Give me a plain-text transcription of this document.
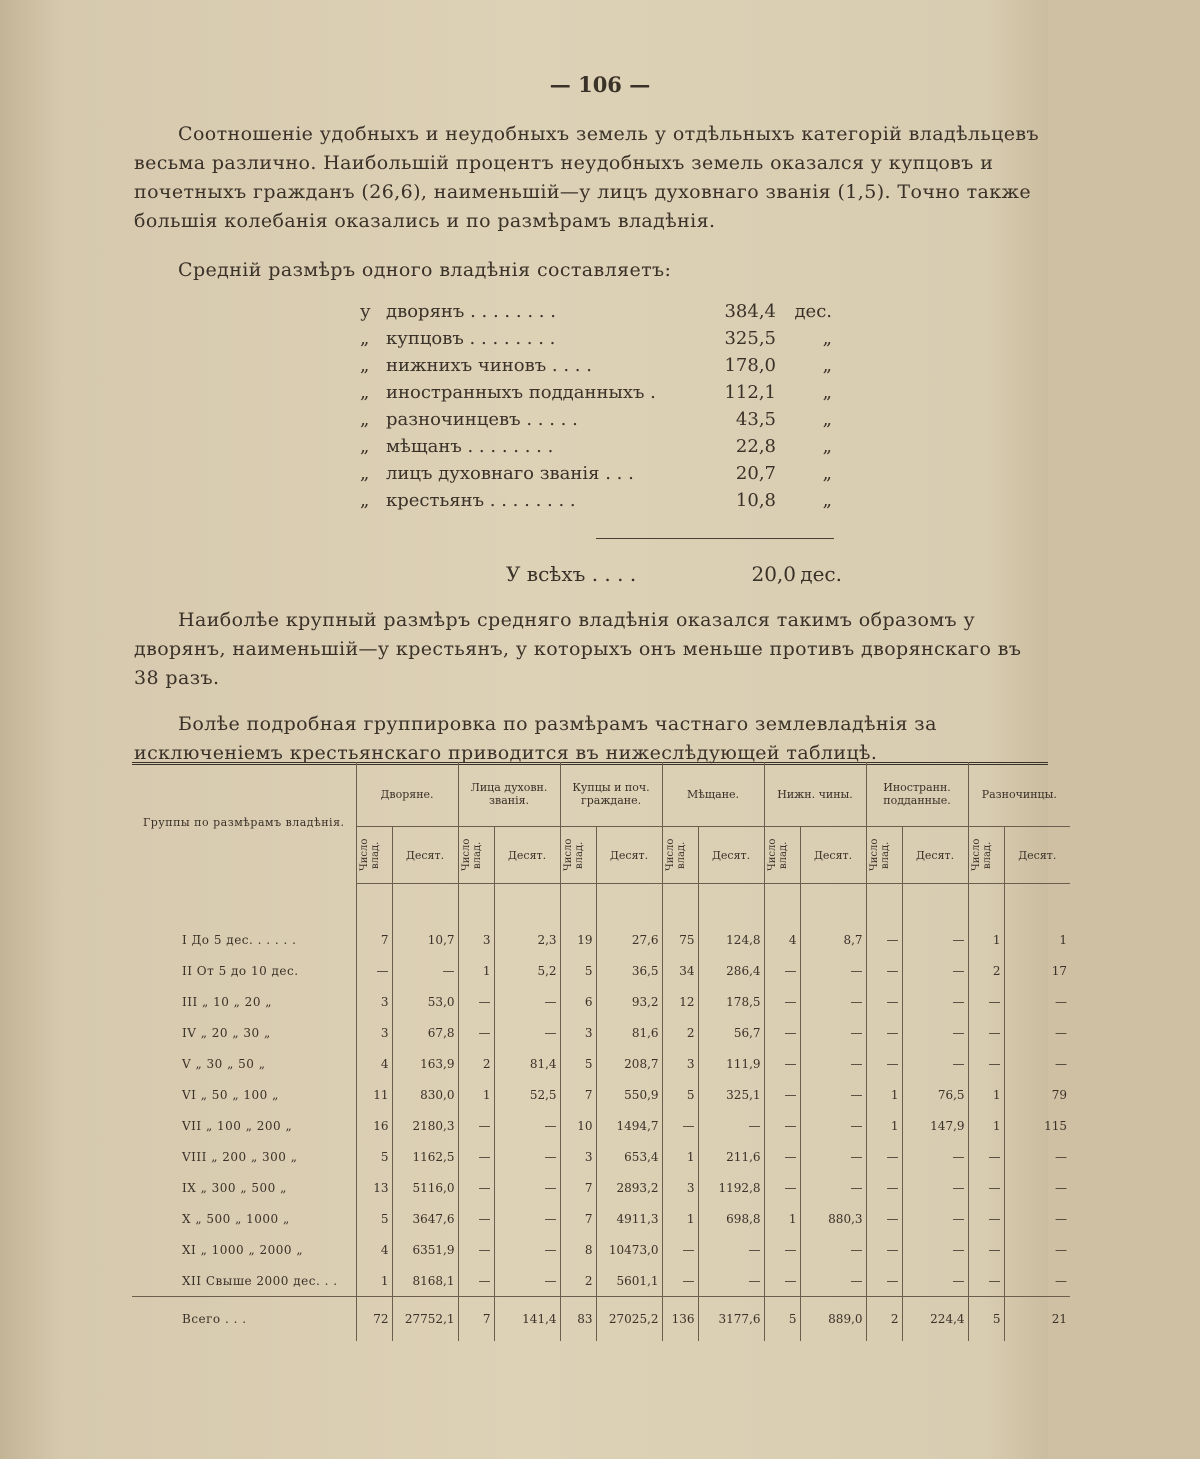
— 106 —
Соотношеніе удобныхъ и неудобныхъ земель у отдѣльныхъ категорій владѣльцевъ весьма различно. Наибольшій процентъ неудобныхъ земель оказался у купцовъ и почетныхъ гражданъ (26,6), наименьшій—у лицъ духовнаго званія (1,5). Точно также большія колебанія оказались и по размѣрамъ владѣнія.
Средній размѣръ одного владѣнія составляетъ:
у дворянъ . . . . . . . .	384,4	дес.
„ купцовъ . . . . . . . .	325,5	„
„ нижнихъ чиновъ . . . .	178,0	„
„ иностранныхъ подданныхъ .	112,1	„
„ разночинцевъ . . . . .	43,5	„
„ мѣщанъ . . . . . . . .	22,8	„
„ лицъ духовнаго званія . . .	20,7	„
„ крестьянъ . . . . . . . .	10,8	„
У всѣхъ . . . .	20,0 дес.
Наиболѣе крупный размѣръ средняго владѣнія оказался такимъ образомъ у дворянъ, наименьшій—у крестьянъ, у которыхъ онъ меньше противъ дворянскаго въ 38 разъ.
Болѣе подробная группировка по размѣрамъ частнаго землевладѣнія за исключеніемъ крестьянскаго приводится въ нижеслѣдующей таблицѣ.
Группы по размѣрамъ владѣнія.	Дворяне.		Лица духовн. званія.		Купцы и поч. граждане.		Мѣщане.		Нижн. чины.		Иностранн. подданные.		Разночинцы.	

	Число влад.	Десят.	Число влад.	Десят.	Число влад.	Десят.	Число влад.	Десят.	Число влад.	Десят.	Число влад.	Десят.	Число влад.	Десят.

I До 5 дес. . . . . .	7	10,7	3	2,3	19	27,6	75	124,8	4	8,7	—	—	1	1
II От 5 до 10 дес.	—	—	1	5,2	5	36,5	34	286,4	—	—	—	—	2	17
III „ 10 „ 20 „	3	53,0	—	—	6	93,2	12	178,5	—	—	—	—	—	—
IV „ 20 „ 30 „	3	67,8	—	—	3	81,6	2	56,7	—	—	—	—	—	—
V „ 30 „ 50 „	4	163,9	2	81,4	5	208,7	3	111,9	—	—	—	—	—	—
VI „ 50 „ 100 „	11	830,0	1	52,5	7	550,9	5	325,1	—	—	1	76,5	1	79
VII „ 100 „ 200 „	16	2180,3	—	—	10	1494,7	—	—	—	—	1	147,9	1	115
VIII „ 200 „ 300 „	5	1162,5	—	—	3	653,4	1	211,6	—	—	—	—	—	—
IX „ 300 „ 500 „	13	5116,0	—	—	7	2893,2	3	1192,8	—	—	—	—	—	—
X „ 500 „ 1000 „	5	3647,6	—	—	7	4911,3	1	698,8	1	880,3	—	—	—	—
XI „ 1000 „ 2000 „	4	6351,9	—	—	8	10473,0	—	—	—	—	—	—	—	—
XII Свыше 2000 дес. . .	1	8168,1	—	—	2	5601,1	—	—	—	—	—	—	—	—
Всего . . .	72	27752,1	7	141,4	83	27025,2	136	3177,6	5	889,0	2	224,4	5	21
